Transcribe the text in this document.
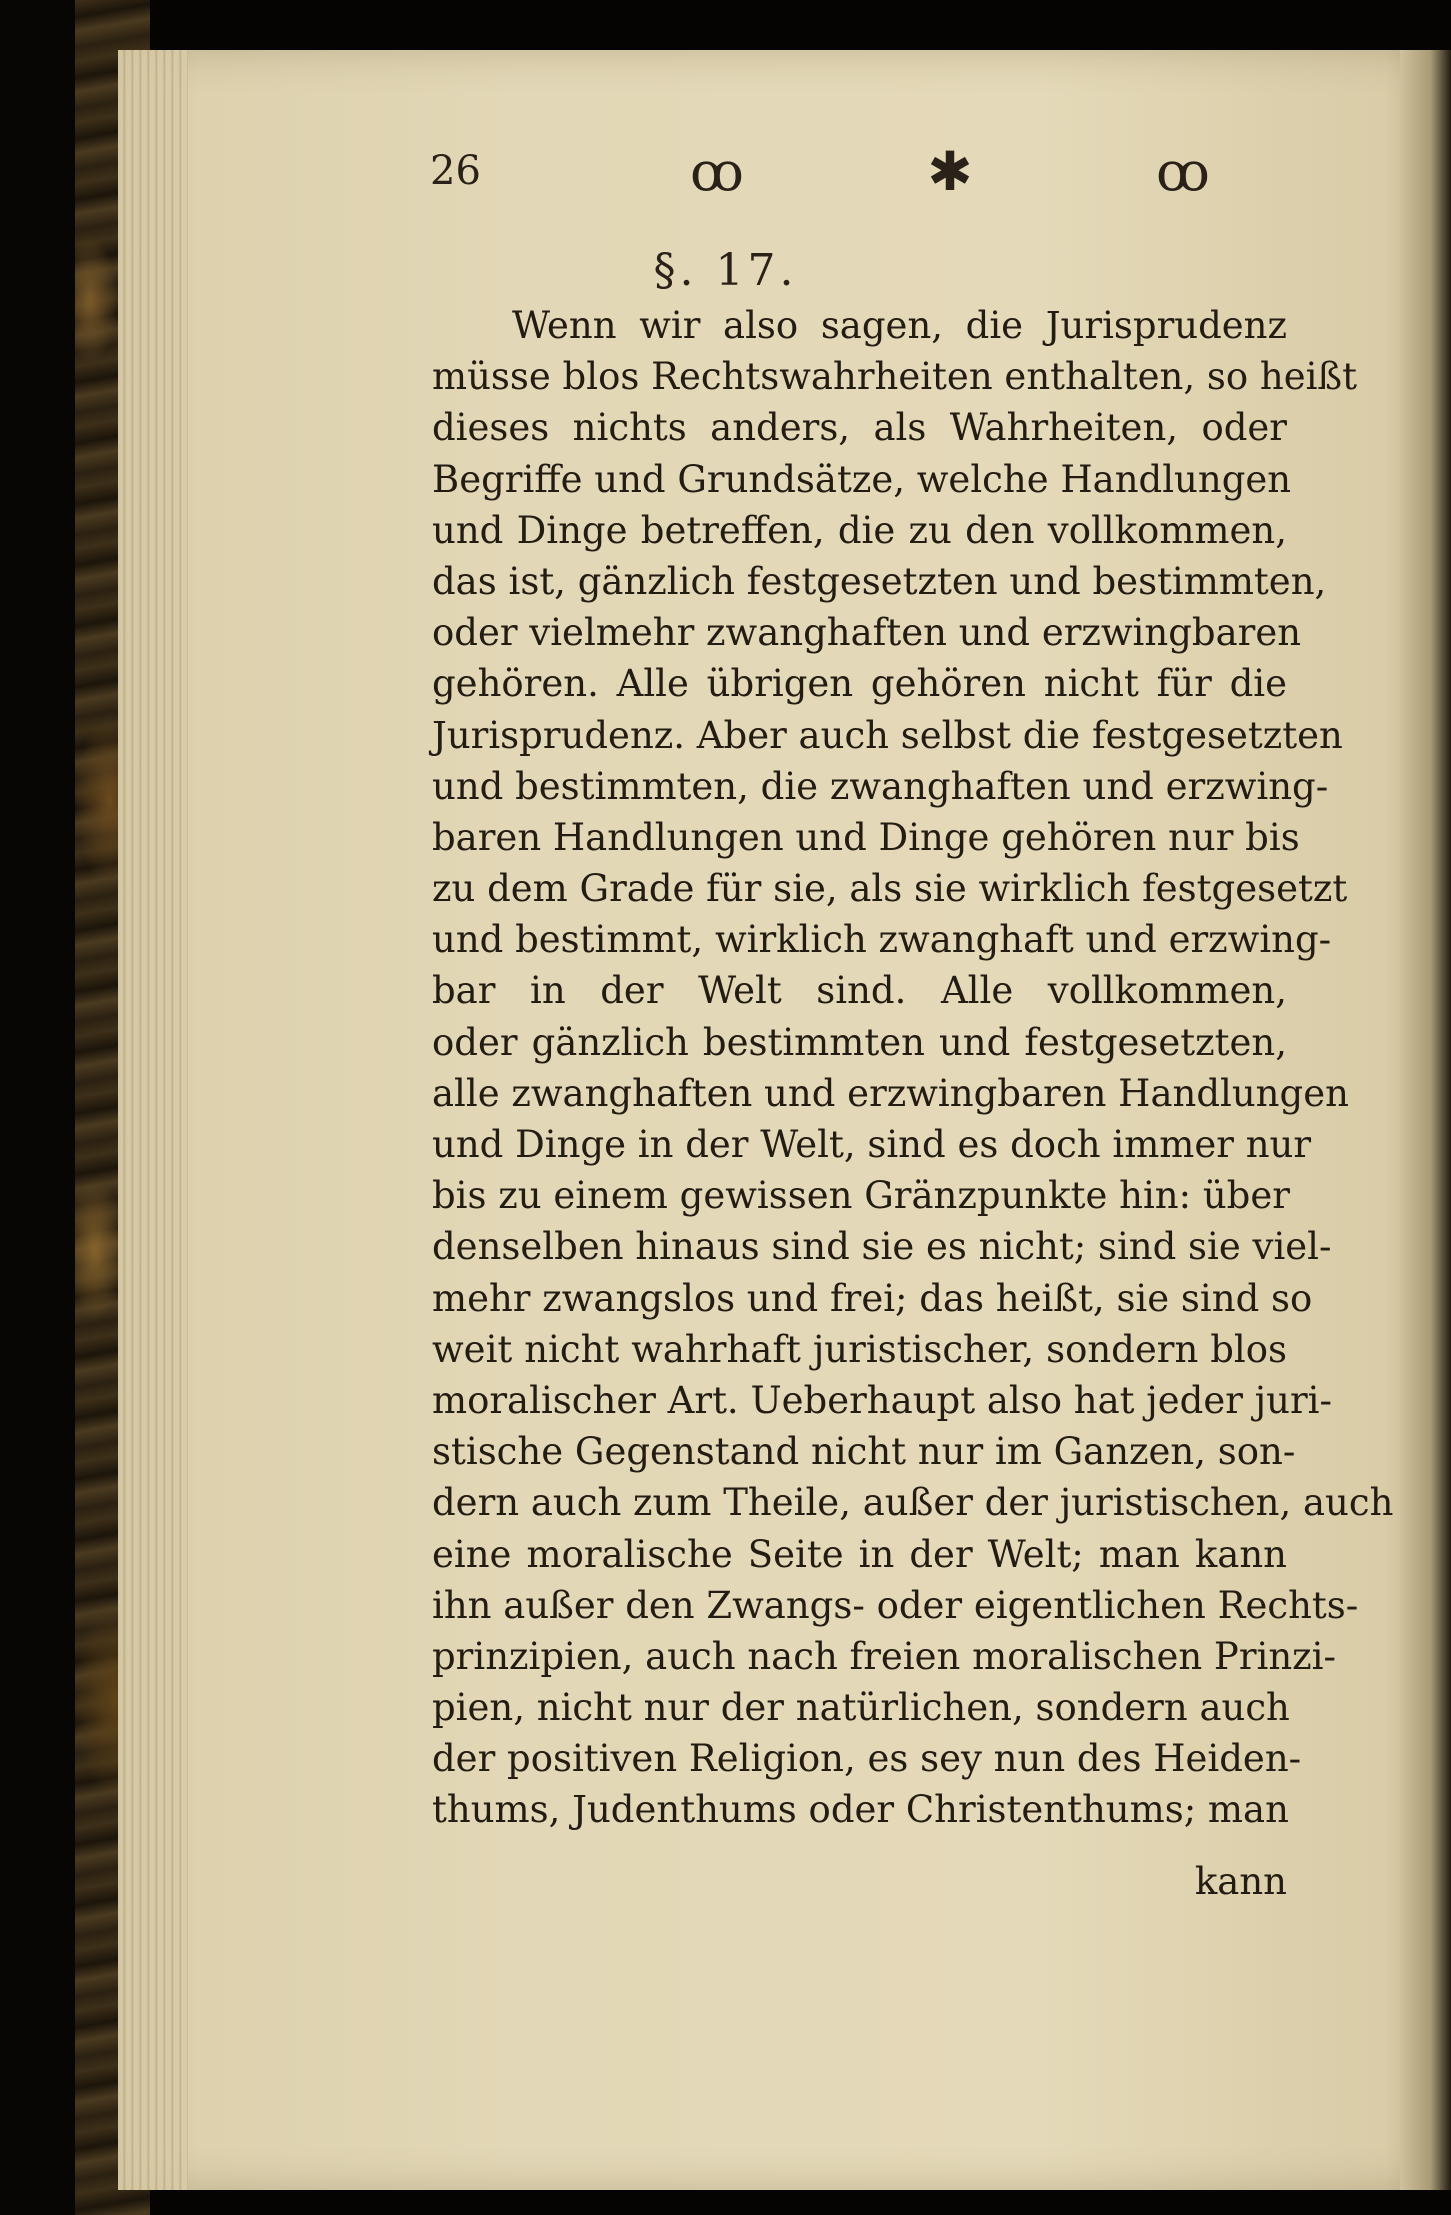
26	ꝏ	✱	ꝏ
§. 17.

Wenn wir also sagen, die Jurisprudenz
müsse blos Rechtswahrheiten enthalten, so heißt
dieses nichts anders, als Wahrheiten, oder
Begriffe und Grundsätze, welche Handlungen
und Dinge betreffen, die zu den vollkommen,
das ist, gänzlich festgesetzten und bestimmten,
oder vielmehr zwanghaften und erzwingbaren
gehören. Alle übrigen gehören nicht für die
Jurisprudenz. Aber auch selbst die festgesetzten
und bestimmten, die zwanghaften und erzwing-
baren Handlungen und Dinge gehören nur bis
zu dem Grade für sie, als sie wirklich festgesetzt
und bestimmt, wirklich zwanghaft und erzwing-
bar in der Welt sind. Alle vollkommen,
oder gänzlich bestimmten und festgesetzten,
alle zwanghaften und erzwingbaren Handlungen
und Dinge in der Welt, sind es doch immer nur
bis zu einem gewissen Gränzpunkte hin: über
denselben hinaus sind sie es nicht; sind sie viel-
mehr zwangslos und frei; das heißt, sie sind so
weit nicht wahrhaft juristischer, sondern blos
moralischer Art. Ueberhaupt also hat jeder juri-
stische Gegenstand nicht nur im Ganzen, son-
dern auch zum Theile, außer der juristischen, auch
eine moralische Seite in der Welt; man kann
ihn außer den Zwangs- oder eigentlichen Rechts-
prinzipien, auch nach freien moralischen Prinzi-
pien, nicht nur der natürlichen, sondern auch
der positiven Religion, es sey nun des Heiden-
thums, Judenthums oder Christenthums; man

kann
